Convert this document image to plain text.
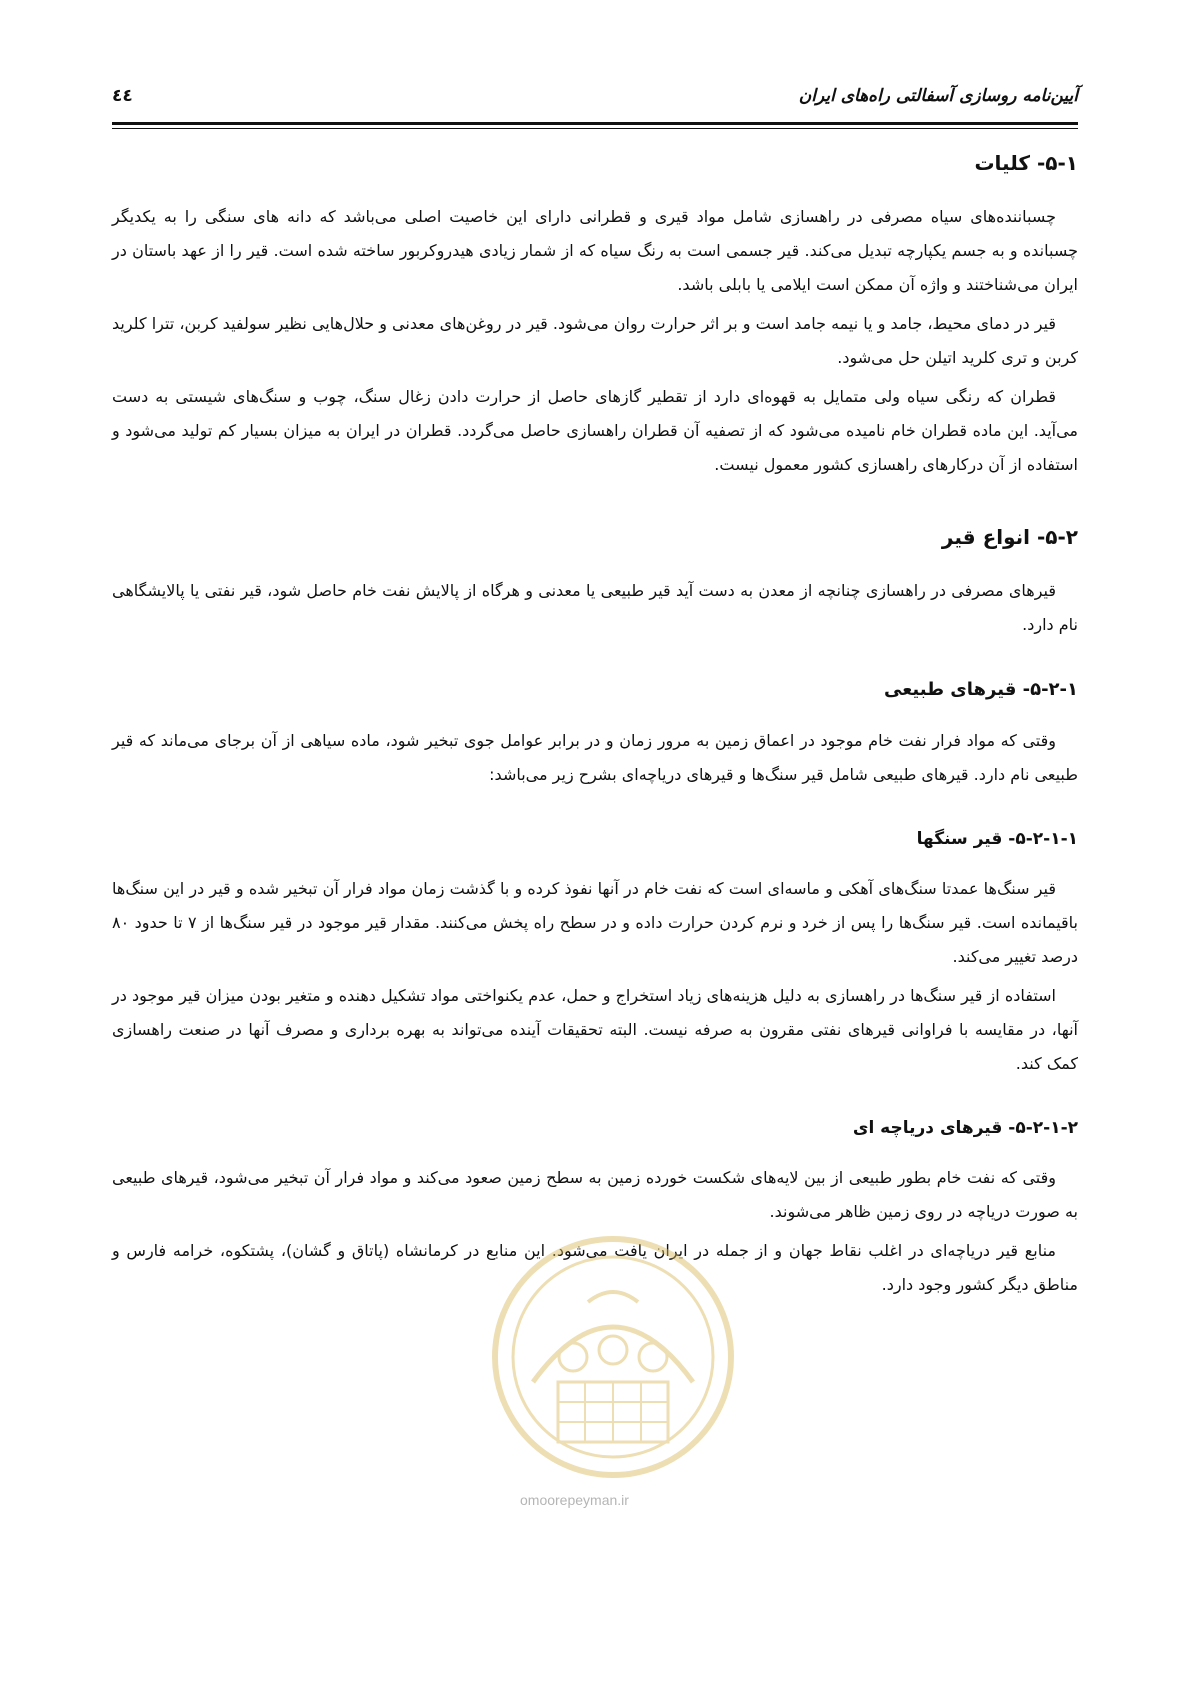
آیین‌نامه روسازی آسفالتی راه‌های ایران
٤٤
۵-۱- کلیات

چسبانندەهای سیاه مصرفی در راهسازی شامل مواد قیری و قطرانی دارای این خاصیت اصلی می‌باشد که دانه های سنگی را به یکدیگر چسبانده و به جسم یکپارچه تبدیل می‌کند. قیر جسمی است به رنگ سیاه که از شمار زیادی هیدروکربور ساخته شده است. قیر را از عهد باستان در ایران می‌شناختند و واژه آن ممکن است ایلامی یا بابلی باشد.

قیر در دمای محیط، جامد و یا نیمه جامد است و بر اثر حرارت روان می‌شود. قیر در روغن‌های معدنی و حلال‌هایی نظیر سولفید کربن، تترا کلرید کربن و تری کلرید اتیلن حل می‌شود.

قطران که رنگی سیاه ولی متمایل به قهوه‌ای دارد از تقطیر گازهای حاصل از حرارت دادن زغال سنگ، چوب و سنگ‌های شیستی به دست می‌آید. این ماده قطران خام نامیده می‌شود که از تصفیه آن قطران راهسازی حاصل می‌گردد. قطران در ایران به میزان بسیار کم تولید می‌شود و استفاده از آن درکارهای راهسازی کشور معمول نیست.

۵-۲- انواع قیر

قیرهای مصرفی در راهسازی چنانچه از معدن به دست آید قیر طبیعی یا معدنی و هرگاه از پالایش نفت خام حاصل شود، قیر نفتی یا پالایشگاهی نام دارد.

۵-۲-۱- قیرهای طبیعی

وقتی که مواد فرار نفت خام موجود در اعماق زمین به مرور زمان و در برابر عوامل جوی تبخیر شود، ماده سیاهی از آن برجای می‌ماند که قیر طبیعی نام دارد. قیرهای طبیعی شامل قیر سنگ‌ها و قیرهای دریاچه‌ای بشرح زیر می‌باشد:

۵-۲-۱-۱- قیر سنگها

قیر سنگ‌ها عمدتا سنگ‌های آهکی و ماسه‌ای است که نفت خام در آنها نفوذ کرده و با گذشت زمان مواد فرار آن تبخیر شده و قیر در این سنگ‌ها باقیمانده است. قیر سنگ‌ها را پس از خرد و نرم کردن حرارت داده و در سطح راه پخش می‌کنند. مقدار قیر موجود در قیر سنگ‌ها از ۷ تا حدود ۸۰ درصد تغییر می‌کند.

استفاده از قیر سنگ‌ها در راهسازی به دلیل هزینه‌های زیاد استخراج و حمل، عدم یکنواختی مواد تشکیل دهنده و متغیر بودن میزان قیر موجود در آنها، در مقایسه با فراوانی قیرهای نفتی مقرون به صرفه نیست. البته تحقیقات آینده می‌تواند به بهره برداری و مصرف آنها در صنعت راهسازی کمک کند.

۵-۲-۱-۲- قیرهای دریاچه ای

وقتی که نفت خام بطور طبیعی از بین لایه‌های شکست خورده زمین به سطح زمین صعود می‌کند و مواد فرار آن تبخیر می‌شود، قیرهای طبیعی به صورت دریاچه در روی زمین ظاهر می‌شوند.

منابع قیر دریاچه‌ای در اغلب نقاط جهان و از جمله در ایران یافت می‌شود. این منابع در کرمانشاه (پاتاق و گشان)، پشتکوه، خرامه فارس و مناطق دیگر کشور وجود دارد.

omoorepeyman.ir
